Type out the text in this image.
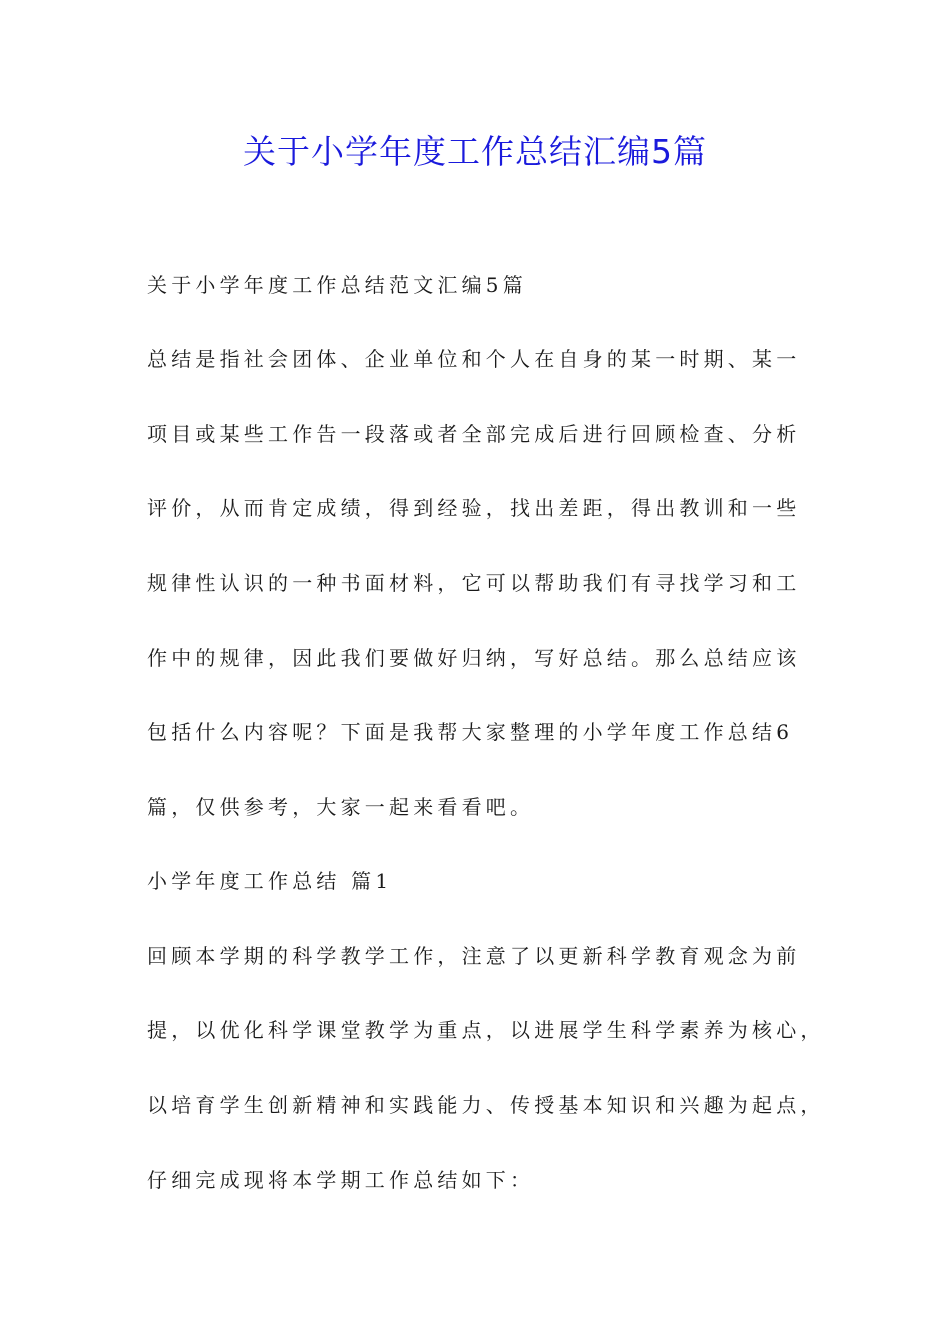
关于小学年度工作总结汇编5篇
关于小学年度工作总结范文汇编5篇
总结是指社会团体、企业单位和个人在自身的某一时期、某一
项目或某些工作告一段落或者全部完成后进行回顾检查、分析
评价，从而肯定成绩，得到经验，找出差距，得出教训和一些
规律性认识的一种书面材料，它可以帮助我们有寻找学习和工
作中的规律，因此我们要做好归纳，写好总结。那么总结应该
包括什么内容呢？下面是我帮大家整理的小学年度工作总结6
篇，仅供参考，大家一起来看看吧。
小学年度工作总结 篇1
回顾本学期的科学教学工作，注意了以更新科学教育观念为前
提，以优化科学课堂教学为重点，以进展学生科学素养为核心，
以培育学生创新精神和实践能力、传授基本知识和兴趣为起点，
仔细完成现将本学期工作总结如下：
